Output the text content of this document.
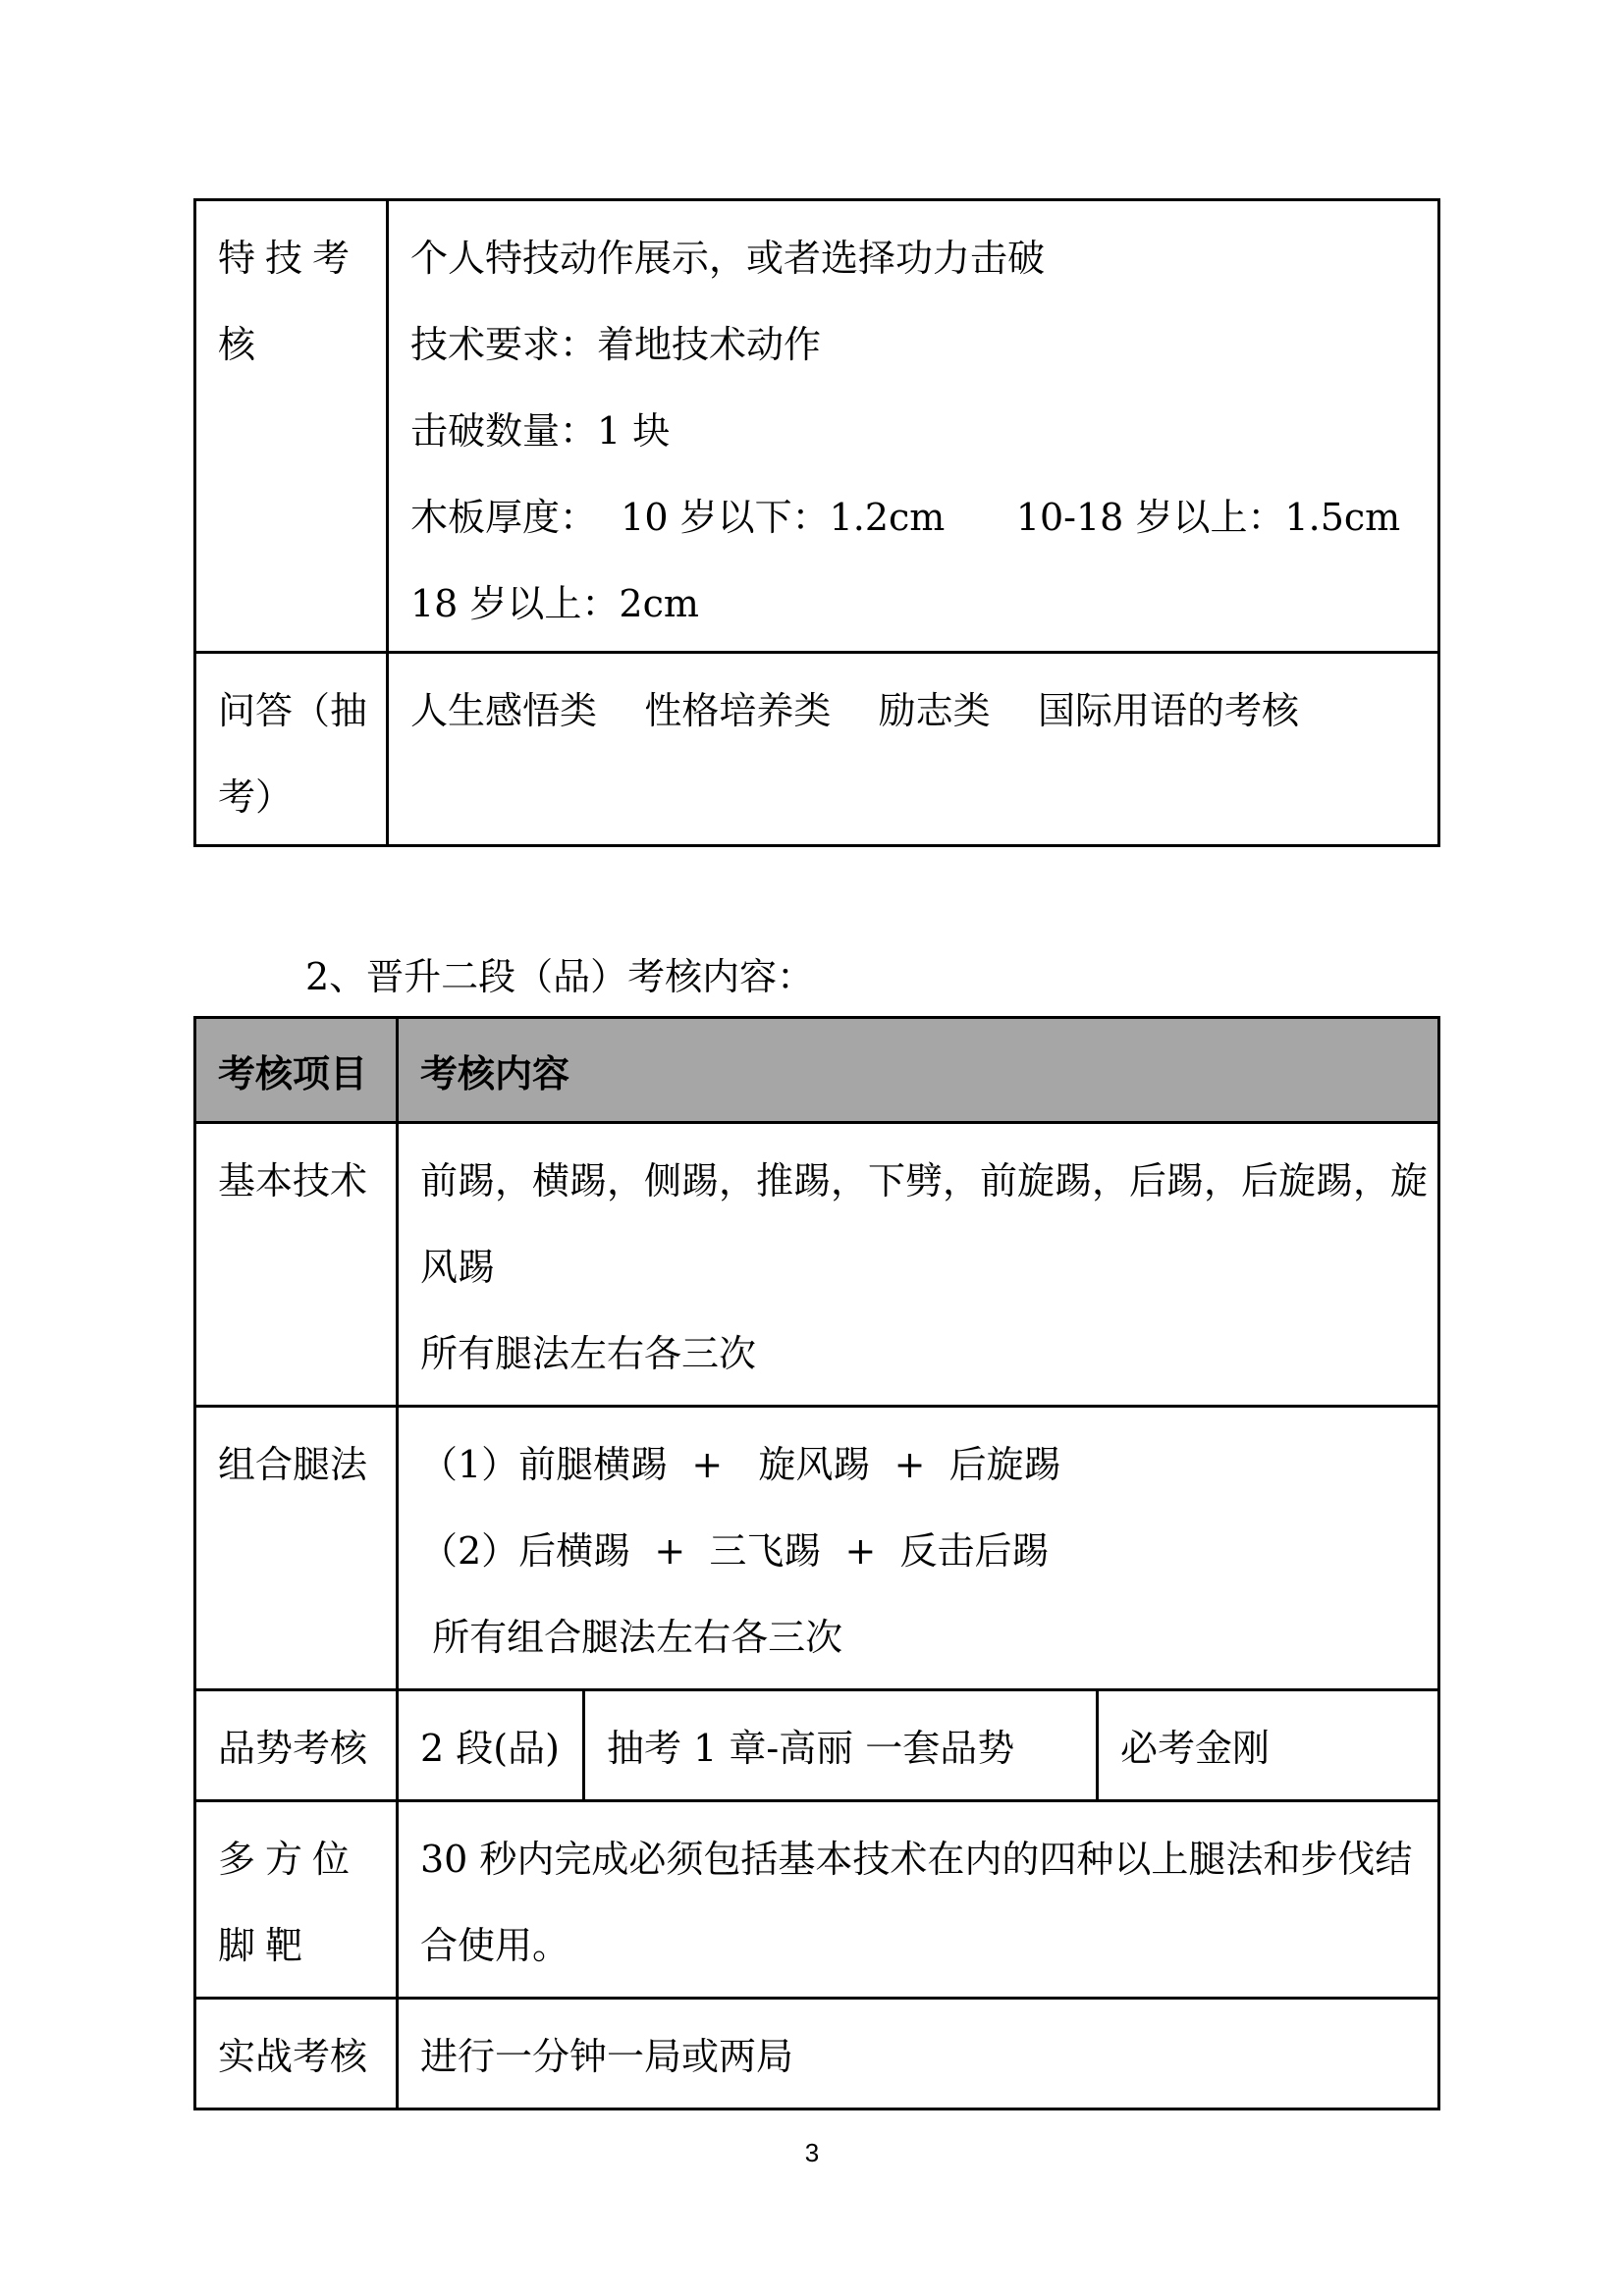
特技考核	个人特技动作展示，或者选择功力击破
技术要求：着地技术动作
击破数量：1 块
木板厚度：  10 岁以下：1.2cm      10-18 岁以上：1.5cm
18 岁以上：2cm

问答（抽考）	人生感悟类    性格培养类    励志类    国际用语的考核
2、晋升二段（品）考核内容：
考核项目	考核内容		
基本技术	前踢，横踢，侧踢，推踢，下劈，前旋踢，后踢，后旋踢，旋风踢
所有腿法左右各三次		

组合腿法	（1）前腿横踢  +   旋风踢  +  后旋踢
（2）后横踢  +  三飞踢  +  反击后踢
所有组合腿法左右各三次		

品势考核	2 段(品)	抽考 1 章-高丽 一套品势	必考金刚
多方位脚靶	30 秒内完成必须包括基本技术在内的四种以上腿法和步伐结合使用。		

实战考核	进行一分钟一局或两局		
3
